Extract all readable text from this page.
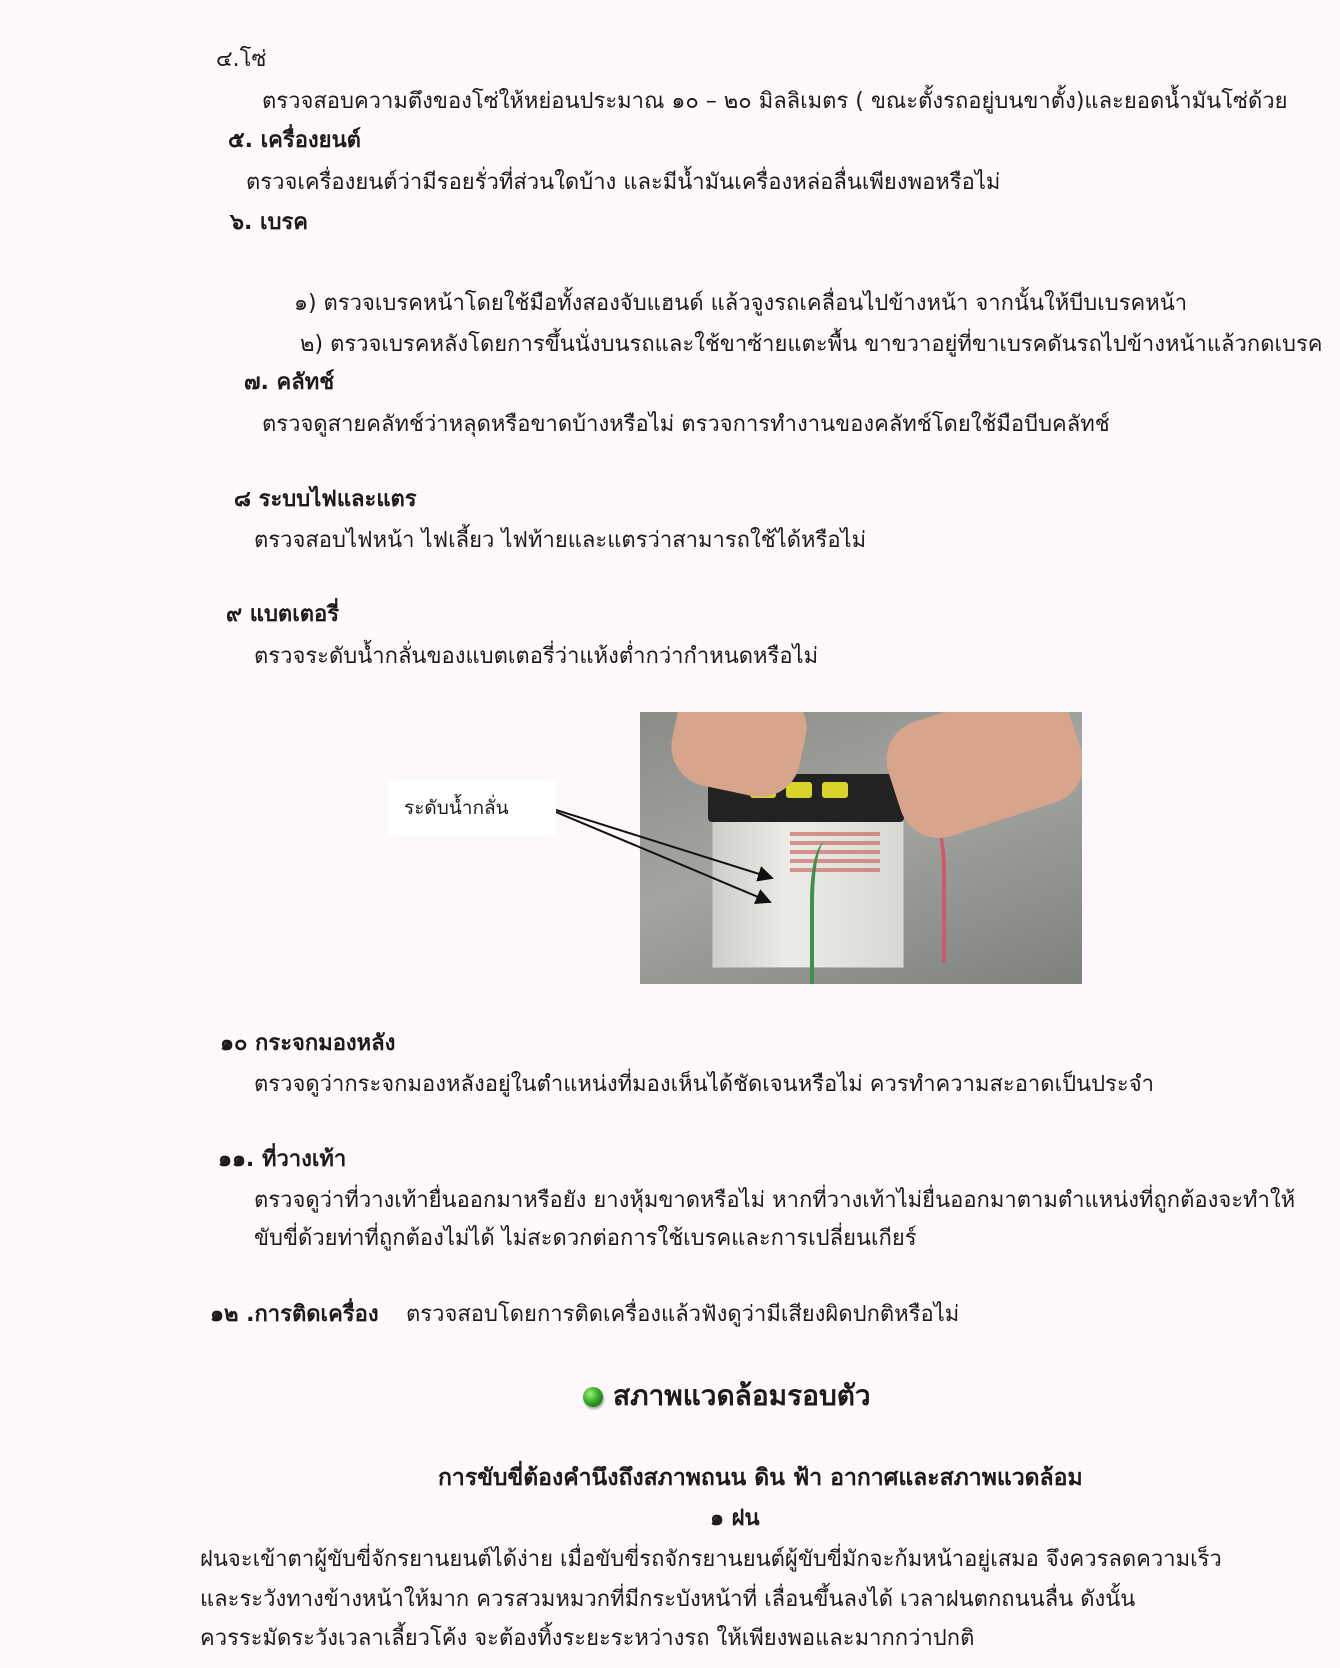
๔.โซ่
ตรวจสอบความตึงของโซ่ให้หย่อนประมาณ ๑๐ – ๒๐ มิลลิเมตร ( ขณะตั้งรถอยู่บนขาตั้ง)และยอดน้ำมันโซ่ด้วย
๕. เครื่องยนต์
ตรวจเครื่องยนต์ว่ามีรอยรั่วที่ส่วนใดบ้าง และมีน้ำมันเครื่องหล่อลื่นเพียงพอหรือไม่
๖. เบรค
๑) ตรวจเบรคหน้าโดยใช้มือทั้งสองจับแฮนด์ แล้วจูงรถเคลื่อนไปข้างหน้า จากนั้นให้บีบเบรคหน้า
๒) ตรวจเบรคหลังโดยการขึ้นนั่งบนรถและใช้ขาซ้ายแตะพื้น ขาขวาอยู่ที่ขาเบรคดันรถไปข้างหน้าแล้วกดเบรค
๗. คลัทช์
ตรวจดูสายคลัทช์ว่าหลุดหรือขาดบ้างหรือไม่ ตรวจการทำงานของคลัทช์โดยใช้มือบีบคลัทช์
๘ ระบบไฟและแตร
ตรวจสอบไฟหน้า ไฟเลี้ยว ไฟท้ายและแตรว่าสามารถใช้ได้หรือไม่
๙ แบตเตอรี่
ตรวจระดับน้ำกลั่นของแบตเตอรี่ว่าแห้งต่ำกว่ากำหนดหรือไม่
ระดับน้ำกลั่น
๑๐ กระจกมองหลัง
ตรวจดูว่ากระจกมองหลังอยู่ในตำแหน่งที่มองเห็นได้ชัดเจนหรือไม่ ควรทำความสะอาดเป็นประจำ
๑๑. ที่วางเท้า
ตรวจดูว่าที่วางเท้ายื่นออกมาหรือยัง ยางหุ้มขาดหรือไม่ หากที่วางเท้าไม่ยื่นออกมาตามตำแหน่งที่ถูกต้องจะทำให้
ขับขี่ด้วยท่าที่ถูกต้องไม่ได้ ไม่สะดวกต่อการใช้เบรคและการเปลี่ยนเกียร์
๑๒ .การติดเครื่อง ตรวจสอบโดยการติดเครื่องแล้วฟังดูว่ามีเสียงผิดปกติหรือไม่
สภาพแวดล้อมรอบตัว
การขับขี่ต้องคำนึงถึงสภาพถนน ดิน ฟ้า อากาศและสภาพแวดล้อม
๑ ฝน
ฝนจะเข้าตาผู้ขับขี่จักรยานยนต์ได้ง่าย เมื่อขับขี่รถจักรยานยนต์ผู้ขับขี่มักจะก้มหน้าอยู่เสมอ จึงควรลดความเร็ว
และระวังทางข้างหน้าให้มาก ควรสวมหมวกที่มีกระบังหน้าที่ เลื่อนขึ้นลงได้ เวลาฝนตกถนนลื่น ดังนั้น
ควรระมัดระวังเวลาเลี้ยวโค้ง จะต้องทิ้งระยะระหว่างรถ ให้เพียงพอและมากกว่าปกติ
